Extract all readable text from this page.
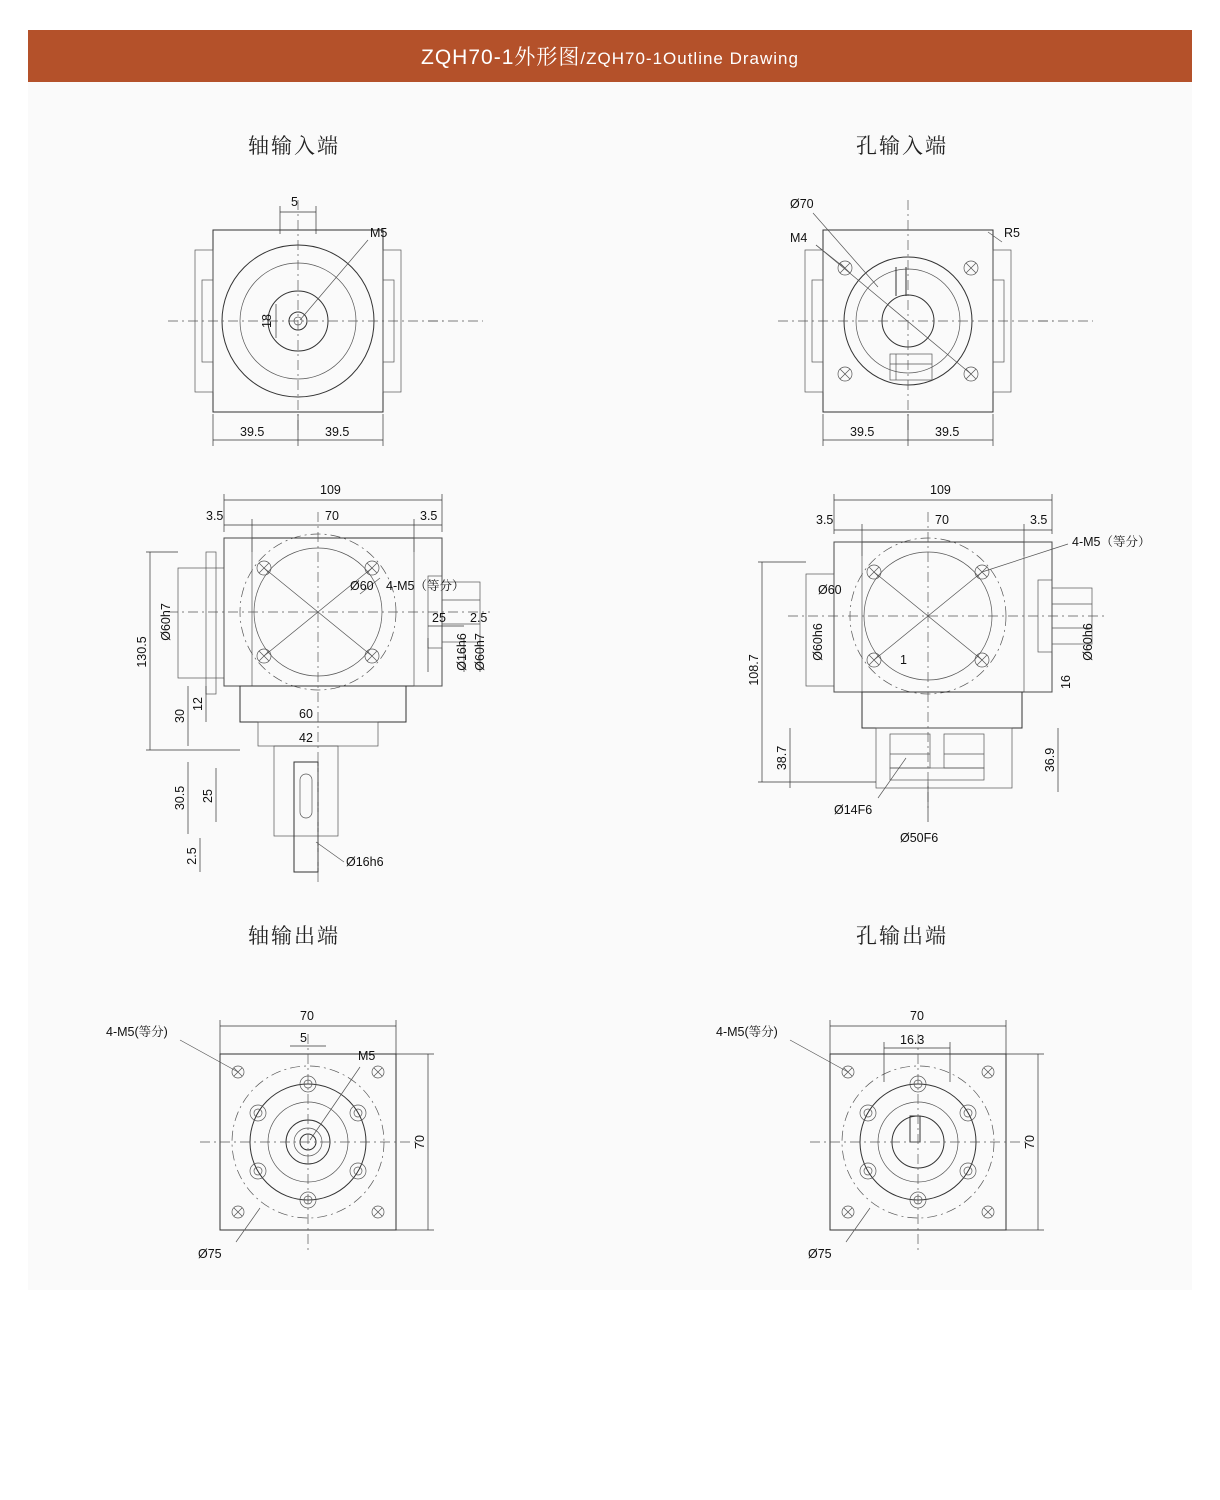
ZQH70-1外形图/ZQH70-1Outline Drawing
轴输入端	孔输入端
轴输出端	孔输出端
5
M5
18
39.5	39.5
Ø70
M4	R5
39.5	39.5
109
3.5	70	3.5
Ø60 4-M5（等分）
25 2.5
Ø60h7
Ø16h6 Ø60h7
130.5
12
60
30
42
30.5 25
2.5	Ø16h6
109
3.5	70	3.5
Ø60
4-M5（等分）
Ø60h6	Ø60h6
1
16
108.7
38.7	36.9
Ø14F6
Ø50F6
4-M5(等分)
70
5
M5
70
Ø75
4-M5(等分)
70
16.3
70
Ø75
